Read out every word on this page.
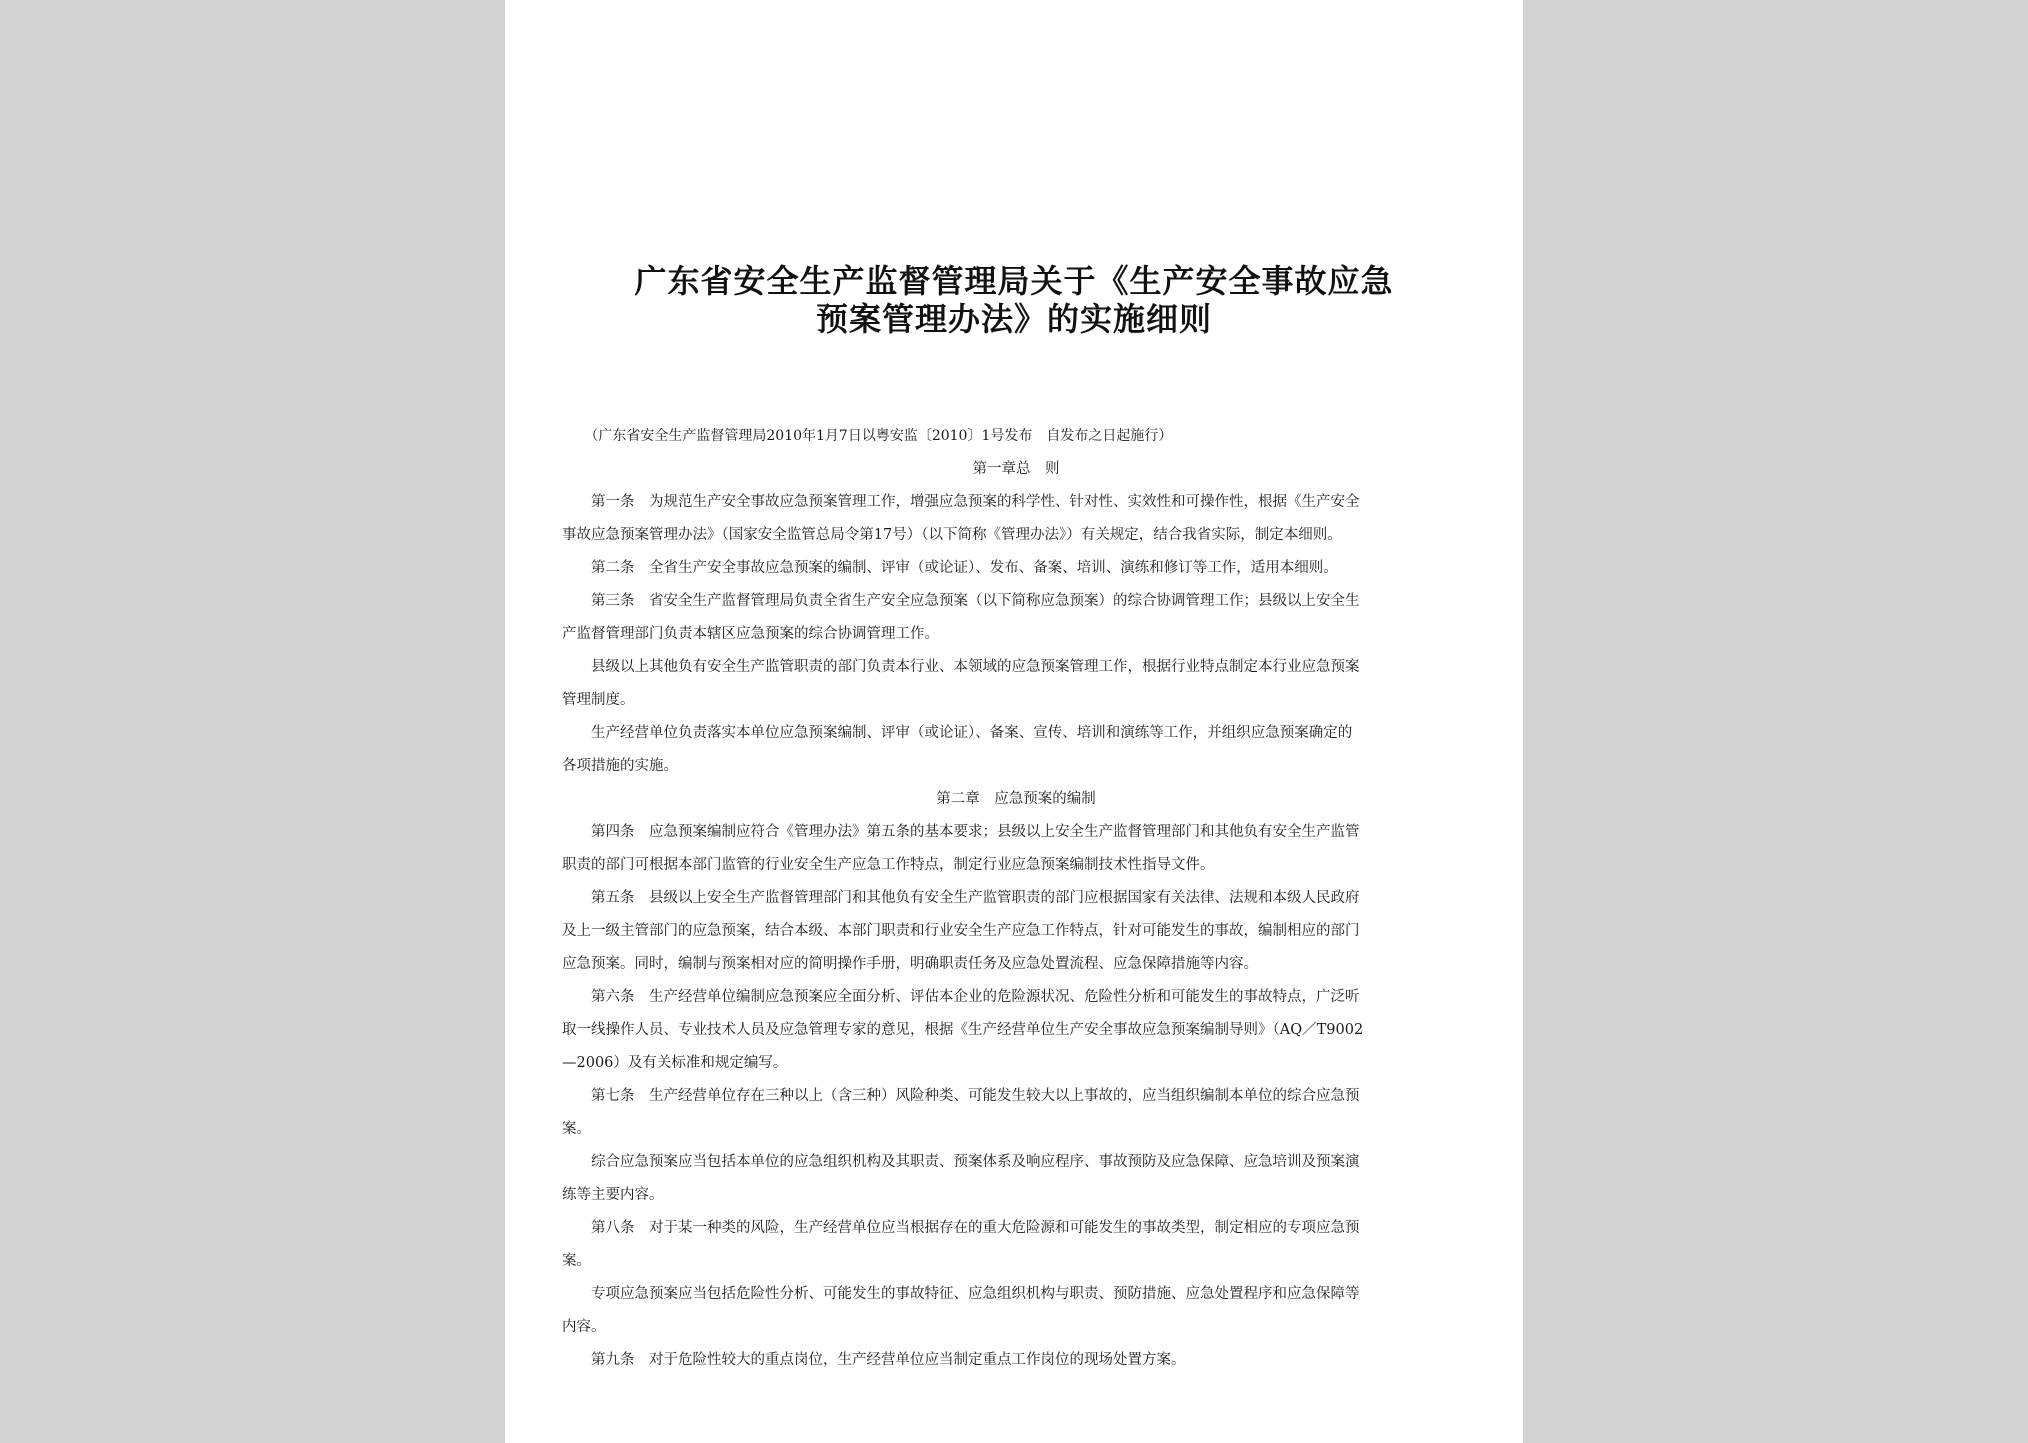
广东省安全生产监督管理局关于《生产安全事故应急
预案管理办法》的实施细则

（广东省安全生产监督管理局2010年1月7日以粤安监〔2010〕1号发布　自发布之日起施行）

第一章总　则

第一条　为规范生产安全事故应急预案管理工作，增强应急预案的科学性、针对性、实效性和可操作性，根据《生产安全
事故应急预案管理办法》（国家安全监管总局令第17号）（以下简称《管理办法》）有关规定，结合我省实际，制定本细则。

第二条　全省生产安全事故应急预案的编制、评审（或论证）、发布、备案、培训、演练和修订等工作，适用本细则。

第三条　省安全生产监督管理局负责全省生产安全应急预案（以下简称应急预案）的综合协调管理工作；县级以上安全生
产监督管理部门负责本辖区应急预案的综合协调管理工作。

县级以上其他负有安全生产监管职责的部门负责本行业、本领域的应急预案管理工作，根据行业特点制定本行业应急预案
管理制度。

生产经营单位负责落实本单位应急预案编制、评审（或论证）、备案、宣传、培训和演练等工作，并组织应急预案确定的
各项措施的实施。

第二章　应急预案的编制

第四条　应急预案编制应符合《管理办法》第五条的基本要求；县级以上安全生产监督管理部门和其他负有安全生产监管
职责的部门可根据本部门监管的行业安全生产应急工作特点，制定行业应急预案编制技术性指导文件。

第五条　县级以上安全生产监督管理部门和其他负有安全生产监管职责的部门应根据国家有关法律、法规和本级人民政府
及上一级主管部门的应急预案，结合本级、本部门职责和行业安全生产应急工作特点，针对可能发生的事故，编制相应的部门
应急预案。同时，编制与预案相对应的简明操作手册，明确职责任务及应急处置流程、应急保障措施等内容。

第六条　生产经营单位编制应急预案应全面分析、评估本企业的危险源状况、危险性分析和可能发生的事故特点，广泛听
取一线操作人员、专业技术人员及应急管理专家的意见，根据《生产经营单位生产安全事故应急预案编制导则》（AQ／T9002
—2006）及有关标准和规定编写。

第七条　生产经营单位存在三种以上（含三种）风险种类、可能发生较大以上事故的，应当组织编制本单位的综合应急预
案。

综合应急预案应当包括本单位的应急组织机构及其职责、预案体系及响应程序、事故预防及应急保障、应急培训及预案演
练等主要内容。

第八条　对于某一种类的风险，生产经营单位应当根据存在的重大危险源和可能发生的事故类型，制定相应的专项应急预
案。

专项应急预案应当包括危险性分析、可能发生的事故特征、应急组织机构与职责、预防措施、应急处置程序和应急保障等
内容。

第九条　对于危险性较大的重点岗位，生产经营单位应当制定重点工作岗位的现场处置方案。
